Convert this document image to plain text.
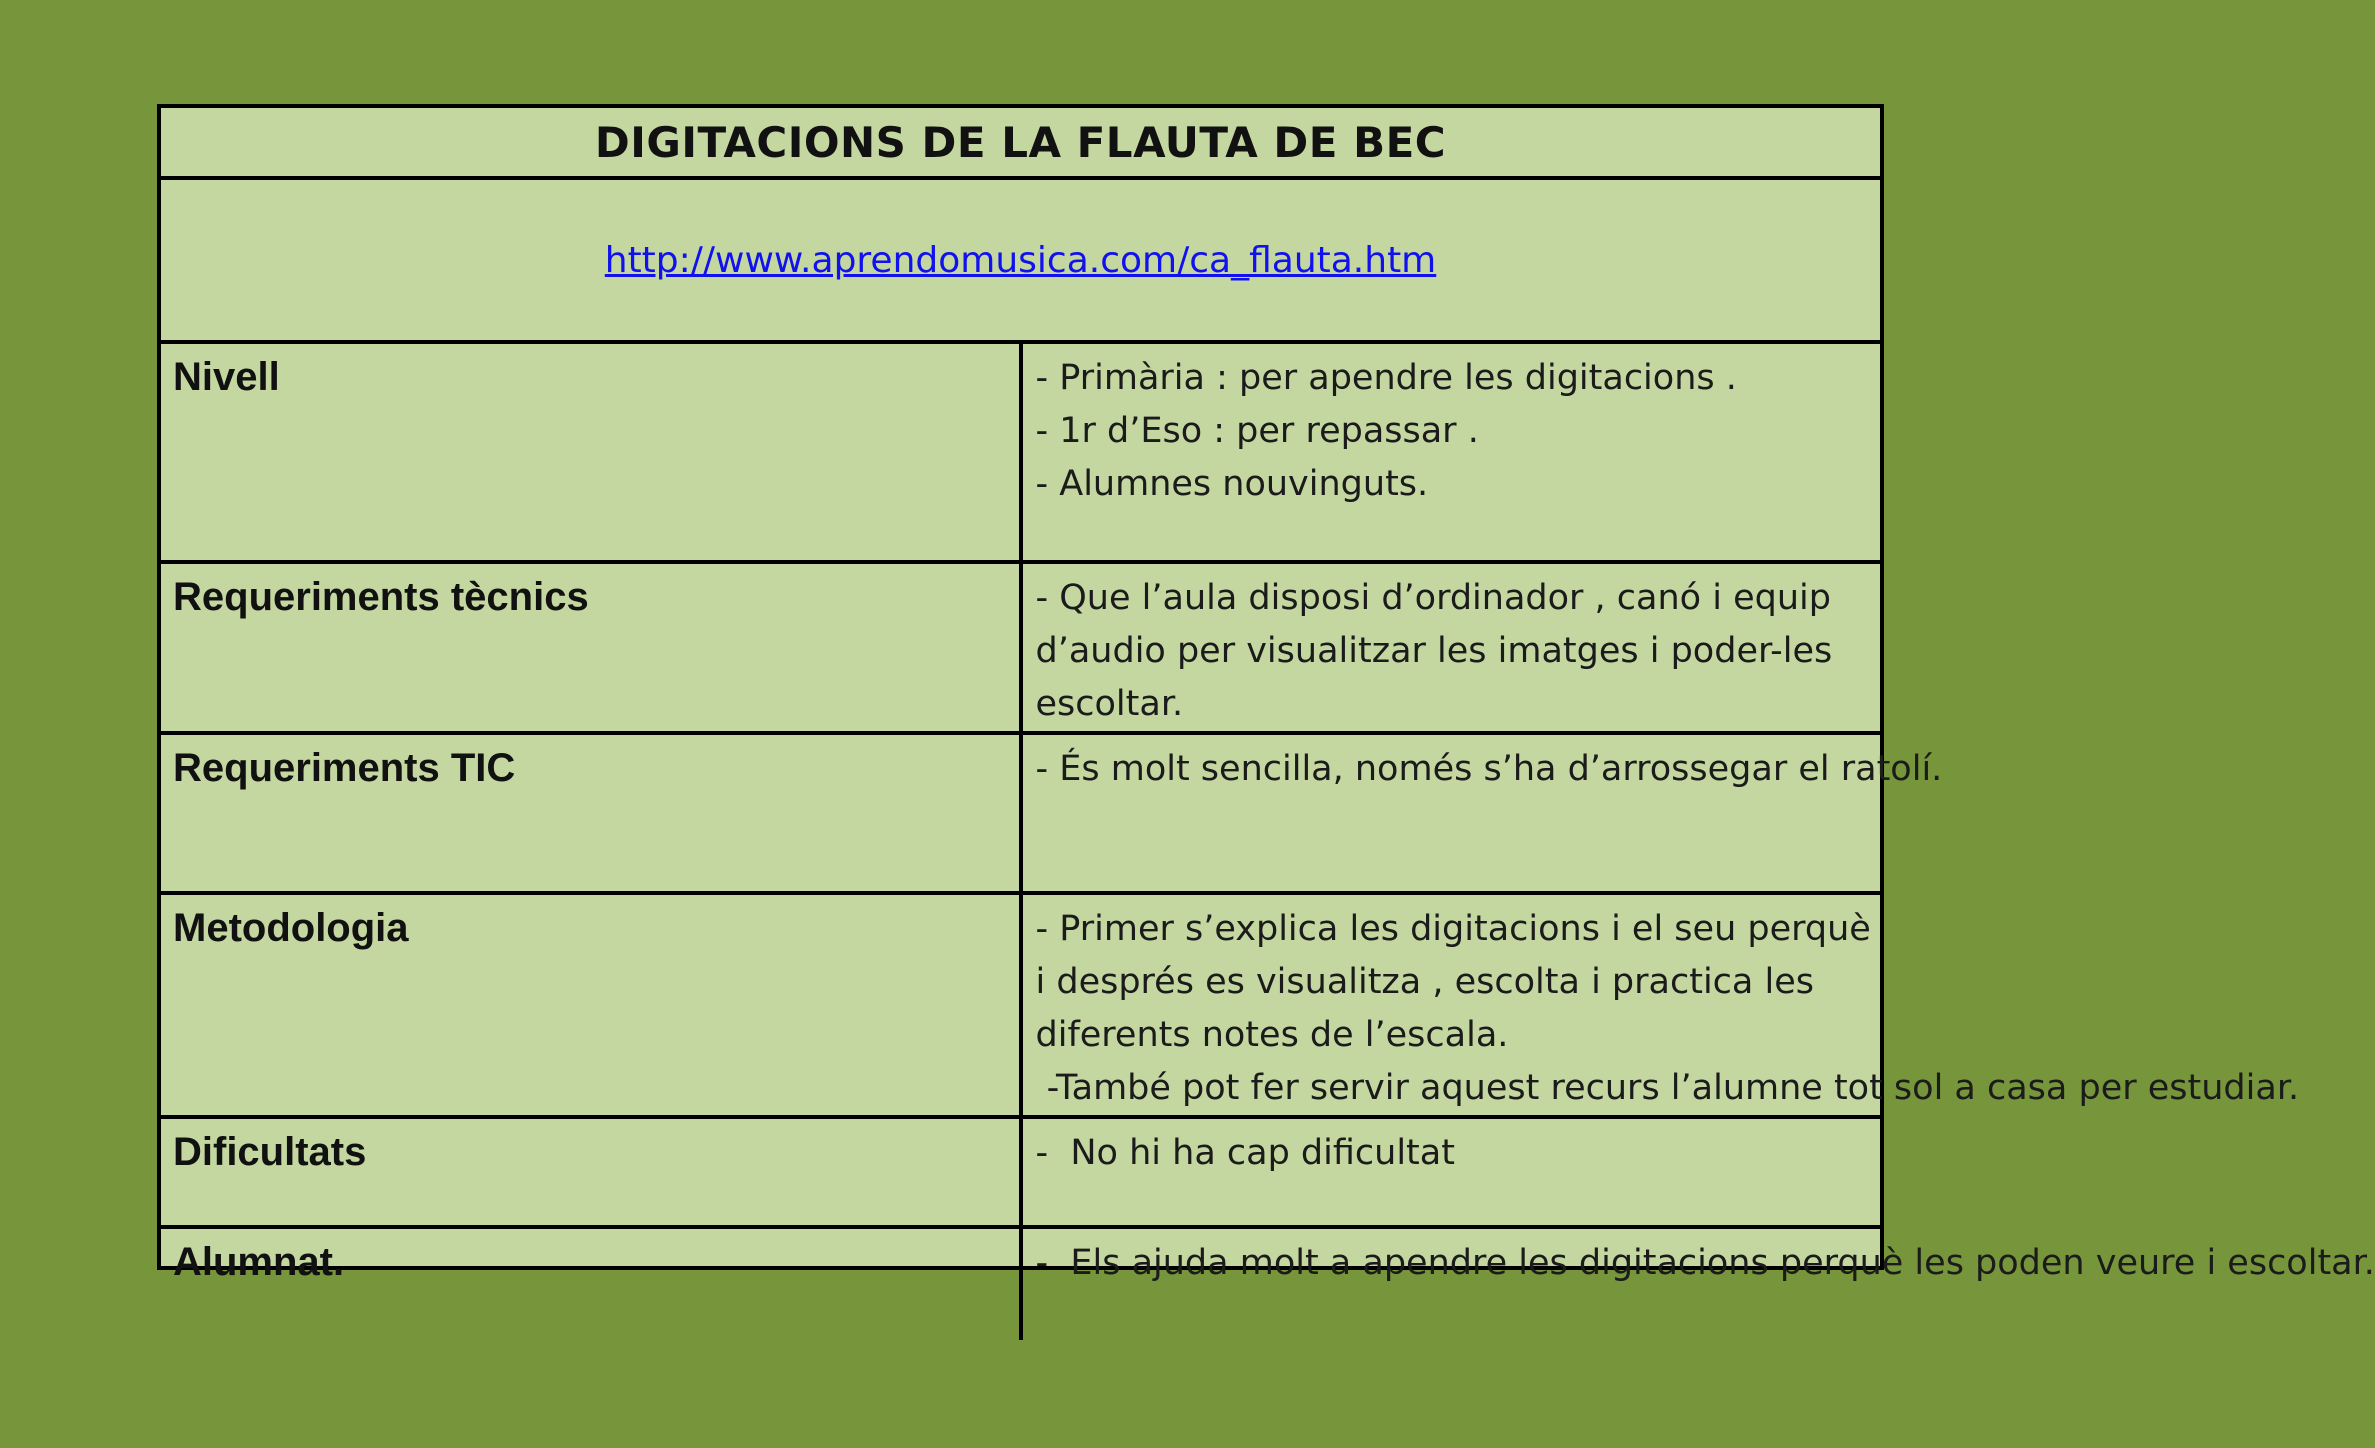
DIGITACIONS DE LA FLAUTA DE BEC	
http://www.aprendomusica.com/ca_flauta.htm	
Nivell	- Primària : per apendre les digitacions .
- 1r d’Eso : per repassar .
- Alumnes nouvinguts.

Requeriments tècnics	- Que l’aula disposi d’ordinador , canó i equip d’audio per visualitzar les imatges i poder-les escoltar.

Requeriments TIC	- És molt sencilla, només s’ha d’arrossegar el ratolí.

Metodologia	- Primer s’explica les digitacions i el seu perquè i després es visualitza , escolta i practica les diferents notes de l’escala.
-També pot fer servir aquest recurs l’alumne tot sol a casa per estudiar.

Dificultats	-  No hi ha cap dificultat

Alumnat.	-  Els ajuda molt a apendre les digitacions perquè les poden veure i escoltar.
